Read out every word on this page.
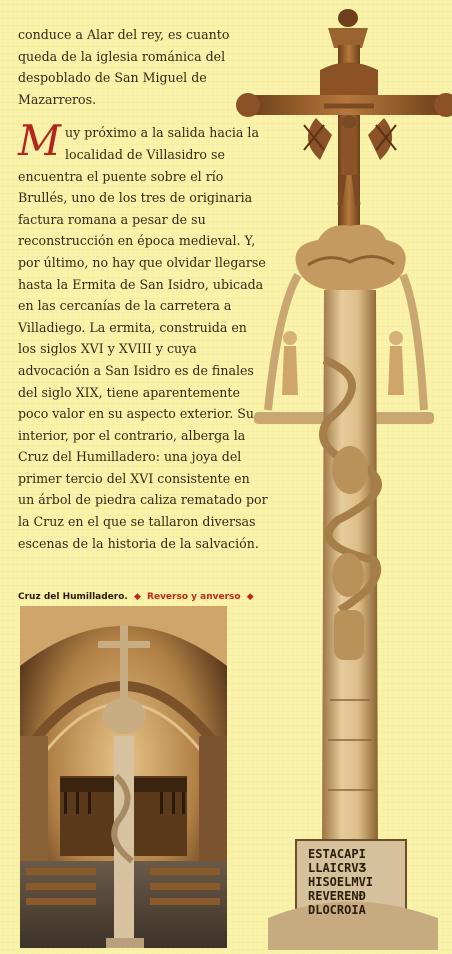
conduce a Alar del rey, es cuanto queda de la iglesia románica del despoblado de San Miguel de Mazarreros.

Muy próximo a la salida hacia la localidad de Villasidro se encuentra el puente sobre el río Brullés, uno de los tres de originaria factura romana a pesar de su reconstrucción en época medieval. Y, por último, no hay que olvidar llegarse hasta la Ermita de San Isidro, ubicada en las cercanías de la carretera a Villadiego. La ermita, construida en los siglos XVI y XVIII y cuya advocación a San Isidro es de finales del siglo XIX, tiene aparentemente poco valor en su aspecto exterior. Su interior, por el contrario, alberga la Cruz del Humilladero: una joya del primer tercio del XVI consistente en un árbol de piedra caliza rematado por la Cruz en el que se tallaron diversas escenas de la historia de la salvación.

Cruz del Humilladero. ◆ Reverso y anverso ◆
ESTACAPI
LLAICRVƷ
HISOELMVI
REVERENƉ
DLOCROIA
